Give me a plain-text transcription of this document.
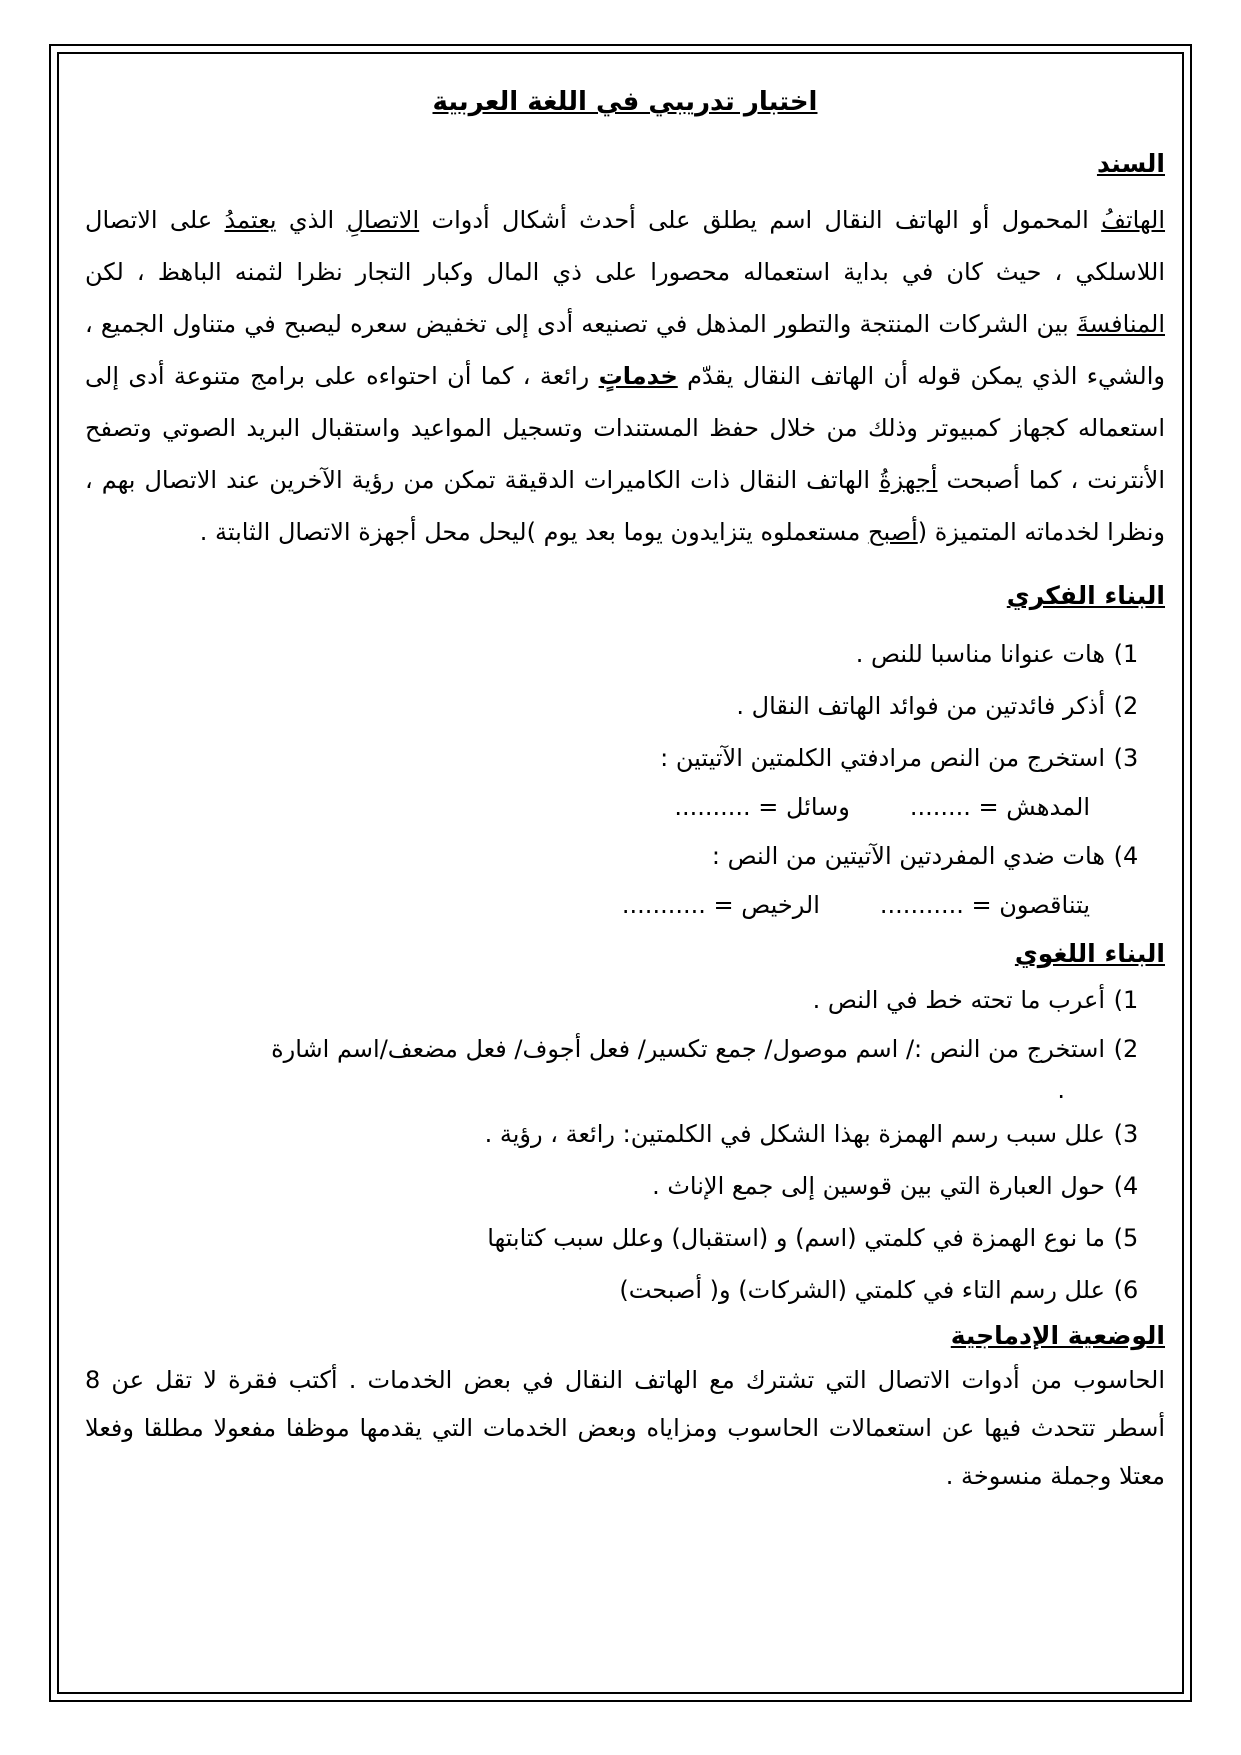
اختبار تدريبي في اللغة العربية
السند

الهاتفُ المحمول أو الهاتف النقال اسم يطلق على أحدث أشكال أدوات الاتصالِ الذي يعتمدُ على الاتصال اللاسلكي ، حيث كان في بداية استعماله محصورا على ذي المال وكبار التجار نظرا لثمنه الباهظ ، لكن المنافسةَ بين الشركات المنتجة والتطور المذهل في تصنيعه أدى إلى تخفيض سعره ليصبح في متناول الجميع ، والشيء الذي يمكن قوله أن الهاتف النقال يقدّم خدماتٍ رائعة ، كما أن احتواءه على برامج متنوعة أدى إلى استعماله كجهاز كمبيوتر وذلك من خلال حفظ المستندات وتسجيل المواعيد واستقبال البريد الصوتي وتصفح الأنترنت ، كما أصبحت أجهزةُ الهاتف النقال ذات الكاميرات الدقيقة تمكن من رؤية الآخرين عند الاتصال بهم ، ونظرا لخدماته المتميزة (أصبح مستعملوه يتزايدون يوما بعد يوم )ليحل محل أجهزة الاتصال الثابتة .

البناء الفكري
1)
هات عنوانا مناسبا للنص .
2)
أذكر فائدتين من فوائد الهاتف النقال .
3)
استخرج من النص مرادفتي الكلمتين الآتيتين :
المدهش = ........وسائل = ..........
4)
هات ضدي المفردتين الآتيتين من النص :
يتناقصون = ...........الرخيص = ...........
البناء اللغوي
1)
أعرب ما تحته خط في النص .
2)
استخرج من النص :/ اسم موصول/ جمع تكسير/ فعل أجوف/ فعل مضعف/اسم اشارة
.
3)
علل سبب رسم الهمزة بهذا الشكل في الكلمتين: رائعة ، رؤية .
4)
حول العبارة التي بين قوسين إلى جمع الإناث .
5)
ما نوع الهمزة في كلمتي (اسم) و (استقبال) وعلل سبب كتابتها
6)
علل رسم التاء في كلمتي (الشركات) و( أصبحت)
الوضعية الإدماجية

الحاسوب من أدوات الاتصال التي تشترك مع الهاتف النقال في بعض الخدمات . أكتب فقرة لا تقل عن 8 أسطر تتحدث فيها عن استعمالات الحاسوب ومزاياه وبعض الخدمات التي يقدمها موظفا مفعولا مطلقا وفعلا معتلا وجملة منسوخة .
